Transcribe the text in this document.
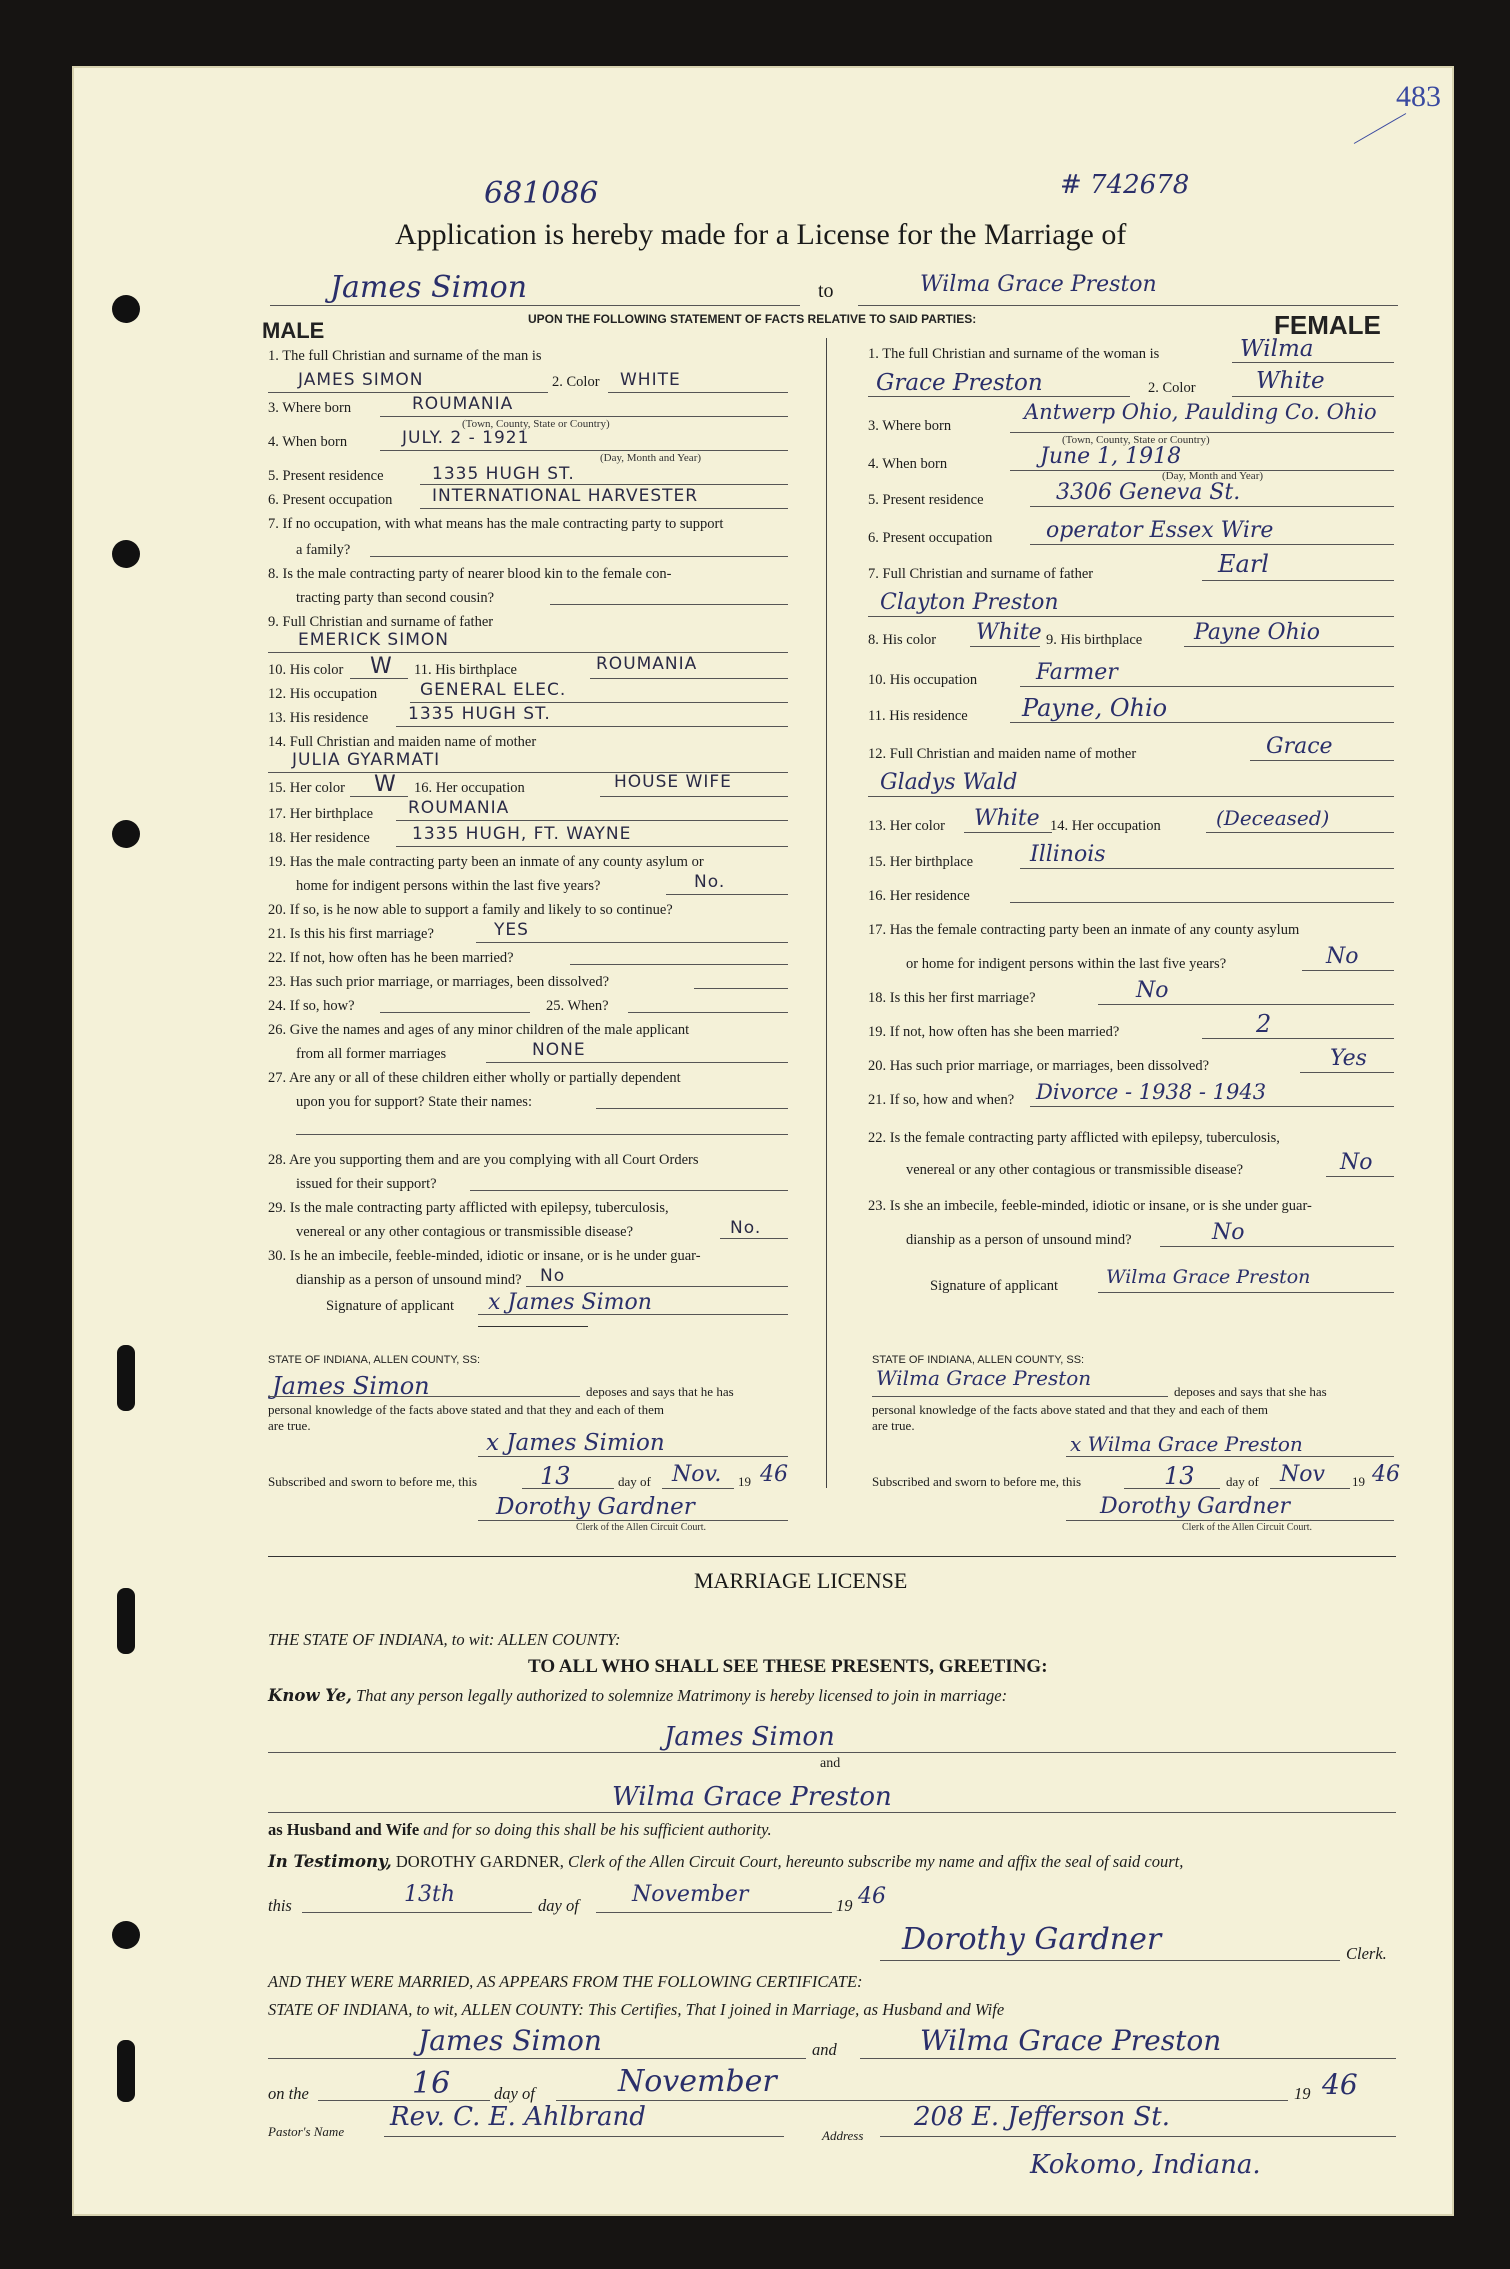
483
681086	# 742678
Application is hereby made for a License for the Marriage of
James Simon	to	Wilma Grace Preston
MALE	FEMALE
UPON THE FOLLOWING STATEMENT OF FACTS RELATIVE TO SAID PARTIES:
1. The full Christian and surname of the man is
JAMES SIMON	2. Color WHITE
3. Where born	ROUMANIA
(Town, County, State or Country)
4. When born	JULY. 2 - 1921
(Day, Month and Year)
5. Present residence	1335 HUGH ST.
6. Present occupation INTERNATIONAL HARVESTER
7. If no occupation, with what means has the male contracting party to support
a family?
8. Is the male contracting party of nearer blood kin to the female con-
tracting party than second cousin?
9. Full Christian and surname of father
EMERICK SIMON
10. His color W 11. His birthplace	ROUMANIA
12. His occupation	GENERAL ELEC.
13. His residence 1335 HUGH ST.
14. Full Christian and maiden name of mother
JULIA GYARMATI
15. Her color W 16. Her occupation	HOUSE WIFE
17. Her birthplace ROUMANIA
18. Her residence 1335 HUGH, FT. WAYNE
19. Has the male contracting party been an inmate of any county asylum or
home for indigent persons within the last five years?	No.
20. If so, is he now able to support a family and likely to so continue?
21. Is this his first marriage?	YES
22. If not, how often has he been married?
23. Has such prior marriage, or marriages, been dissolved?
24. If so, how?	25. When?
26. Give the names and ages of any minor children of the male applicant
from all former marriages	NONE
27. Are any or all of these children either wholly or partially dependent
upon you for support? State their names:
28. Are you supporting them and are you complying with all Court Orders
issued for their support?
29. Is the male contracting party afflicted with epilepsy, tuberculosis,
venereal or any other contagious or transmissible disease?	No.
30. Is he an imbecile, feeble-minded, idiotic or insane, or is he under guar-
dianship as a person of unsound mind? No
Signature of applicant x James Simon
1. The full Christian and surname of the woman is	Wilma
Grace Preston	2. Color	White
3. Where born
Antwerp Ohio, Paulding Co. Ohio
(Town, County, State or Country)
4. When born	June 1, 1918
(Day, Month and Year)
5. Present residence	3306 Geneva St.
6. Present occupation operator Essex Wire
7. Full Christian and surname of father	Earl
Clayton Preston
8. His color White 9. His birthplace Payne Ohio
10. His occupation	Farmer
11. His residence Payne, Ohio
12. Full Christian and maiden name of mother	Grace
Gladys Wald
13. Her color White 14. Her occupation	(Deceased)
15. Her birthplace	Illinois
16. Her residence
17. Has the female contracting party been an inmate of any county asylum
or home for indigent persons within the last five years?	No
18. Is this her first marriage?	No
19. If not, how often has she been married?	2
20. Has such prior marriage, or marriages, been dissolved?	Yes
21. If so, how and when? Divorce - 1938 - 1943
22. Is the female contracting party afflicted with epilepsy, tuberculosis,
venereal or any other contagious or transmissible disease?	No
23. Is she an imbecile, feeble-minded, idiotic or insane, or is she under guar-
dianship as a person of unsound mind?	No
Signature of applicant	Wilma Grace Preston
STATE OF INDIANA, ALLEN COUNTY, SS:
James Simon	deposes and says that he has
personal knowledge of the facts above stated and that they and each of them
are true.
x James Simion
Subscribed and sworn to before me, this	13	day of Nov. 19 46
Dorothy Gardner
Clerk of the Allen Circuit Court.
STATE OF INDIANA, ALLEN COUNTY, SS:
Wilma Grace Preston
deposes and says that she has
personal knowledge of the facts above stated and that they and each of them
are true.
x Wilma Grace Preston
Subscribed and sworn to before me, this	13 day of Nov 19 46
Dorothy Gardner
Clerk of the Allen Circuit Court.
MARRIAGE LICENSE
THE STATE OF INDIANA, to wit: ALLEN COUNTY:
TO ALL WHO SHALL SEE THESE PRESENTS, GREETING:
Know Ye, That any person legally authorized to solemnize Matrimony is hereby licensed to join in marriage:
James Simon
and
Wilma Grace Preston
as Husband and Wife and for so doing this shall be his sufficient authority.
In Testimony, DOROTHY GARDNER, Clerk of the Allen Circuit Court, hereunto subscribe my name and affix the seal of said court,
this	13th	day of November	19 46
Dorothy Gardner	Clerk.
AND THEY WERE MARRIED, AS APPEARS FROM THE FOLLOWING CERTIFICATE:
STATE OF INDIANA, to wit, ALLEN COUNTY: This Certifies, That I joined in Marriage, as Husband and Wife
James Simon	and	Wilma Grace Preston
on the	16	day of	November	19 46
Pastor's Name Rev. C. E. Ahlbrand
Address
208 E. Jefferson St.
Kokomo, Indiana.
